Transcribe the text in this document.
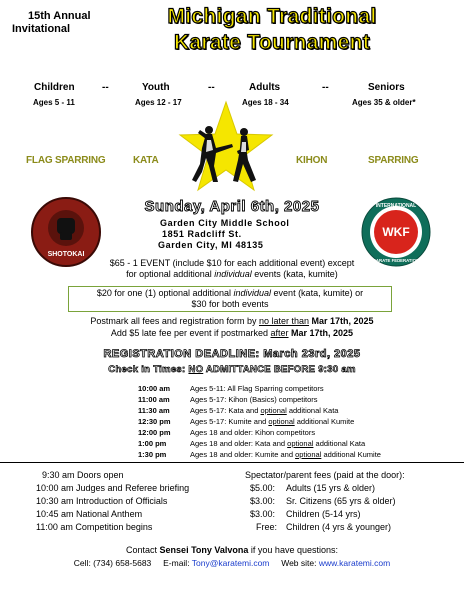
15th Annual
Invitational
Michigan Traditional
Karate Tournament
Children
Ages 5 - 11
--	Youth
Ages 12 - 17
--	Adults
Ages 18 - 34
--	Seniors
Ages 35 & older*
FLAG SPARRING	KATA	KIHON	SPARRING
SHOTOKAI
INTERNATIONAL
WKF
KARATE FEDERATION
Sunday, April 6th, 2025
Garden City Middle School
1851 Radcliff St.
Garden City, MI 48135
$65 - 1 EVENT (include $10 for each additional event) except
for optional additional individual events (kata, kumite)
$20 for one (1) optional additional individual event (kata, kumite) or
$30 for both events
Postmark all fees and registration form by no later than Mar 17th, 2025
Add $5 late fee per event if postmarked after Mar 17th, 2025
REGISTRATION DEADLINE: March 23rd, 2025
Check in Times: NO ADMITTANCE BEFORE 9:30 am
10:00 am	Ages 5-11: All Flag Sparring competitors
11:00 am	Ages 5-17: Kihon (Basics) competitors
11:30 am	Ages 5-17: Kata and optional additional Kata
12:30 pm	Ages 5-17: Kumite and optional additional Kumite
12:00 pm	Ages 18 and older: Kihon competitors
1:00 pm	Ages 18 and older: Kata and optional additional Kata
1:30 pm	Ages 18 and older: Kumite and optional additional Kumite
9:30 am Doors open
10:00 am Judges and Referee briefing
10:30 am Introduction of Officials
10:45 am National Anthem
11:00 am Competition begins
Spectator/parent fees (paid at the door):
$5.00: Adults (15 yrs & older)
$3.00: Sr. Citizens (65 yrs & older)
$3.00: Children (5-14 yrs)
Free: Children (4 yrs & younger)
Contact Sensei Tony Valvona if you have questions:
Cell: (734) 658-5683 E-mail: Tony@karatemi.com Web site: www.karatemi.com
